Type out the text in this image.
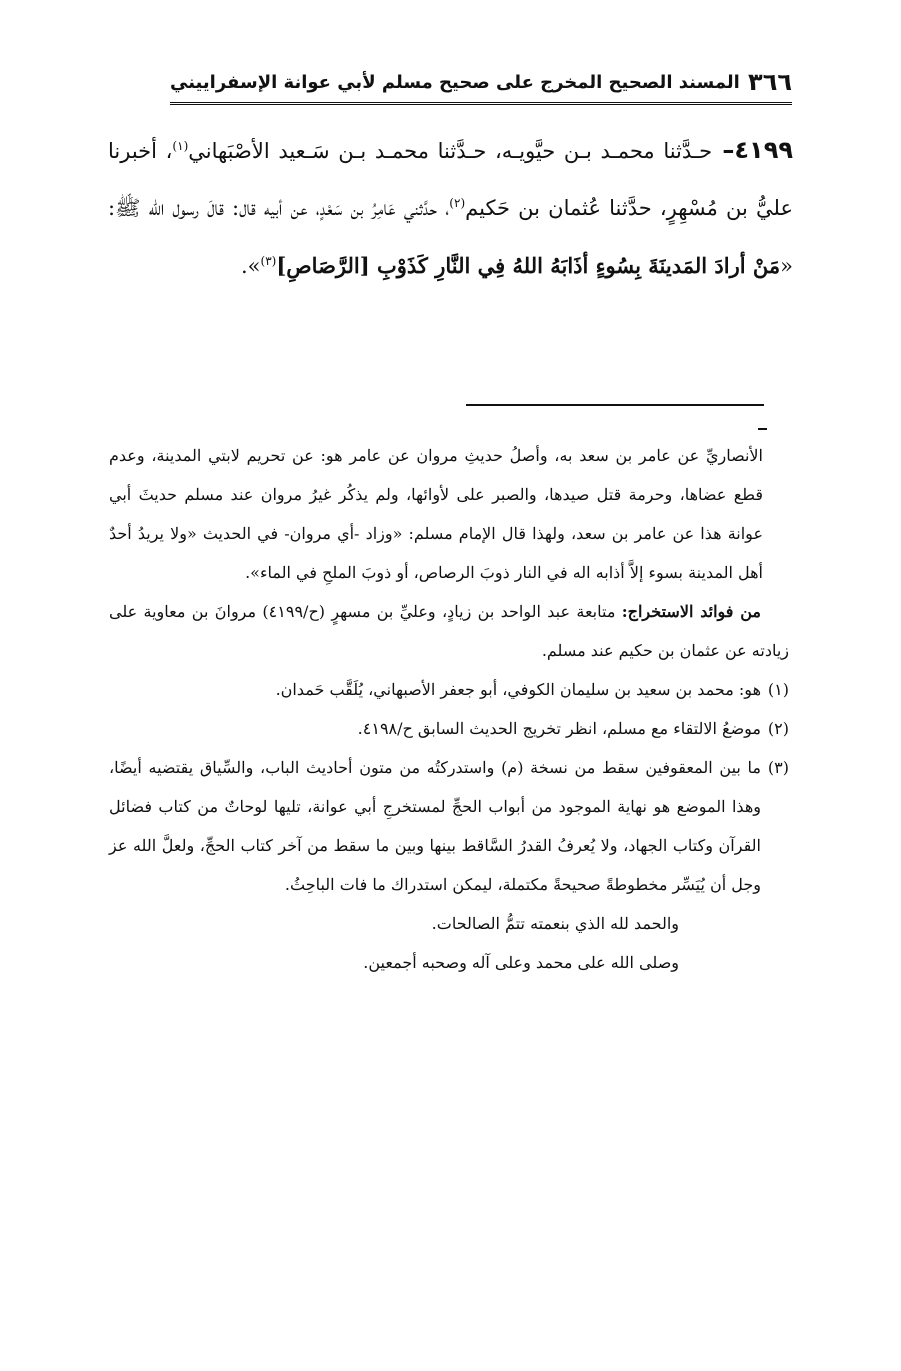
٣٦٦
المسند الصحيح المخرج على صحيح مسلم لأبي عوانة الإسفراييني
٤١٩٩– حـدَّثنا محمـد بـن حيَّويـه، حـدَّثنا محمـد بـن سَـعيد الأصْبَهاني$^{(١)}$، أخبرنا عليُّ بن مُسْهِرٍ، حدَّثنا عُثمان بن حَكيم$^{(٢)}$، حدَّثني عَامِرُ بن سَعْدٍ، عن أبيه قال: قالَ رسول الله ﷺ: «مَنْ أرادَ المَدينَةَ بِسُوءٍ أذَابَهُ اللهُ فِي النَّارِ كَذَوْبِ [الرَّصَاصِ]$^{(٣)}$».

الأنصاريِّ عن عامر بن سعد به، وأصلُ حديثِ مروان عن عامر هو: عن تحريم لابتي المدينة، وعدم قطع عضاها، وحرمة قتل صيدها، والصبر على لأوائها، ولم يذكُر غيرُ مروان عند مسلم حديثَ أبي عوانة هذا عن عامر بن سعد، ولهذا قال الإمام مسلم: «وزاد -أي مروان- في الحديث «ولا يريدُ أحدٌ أهل المدينة بسوء إلاَّ أذابه اله في النار ذوبَ الرصاص، أو ذوبَ الملحِ في الماء».

من فوائد الاستخراج: متابعة عبد الواحد بن زيادٍ، وعليِّ بن مسهرٍ (ح/٤١٩٩) مروانَ بن معاوية على زيادته عن عثمان بن حكيم عند مسلم.

(١)هو: محمد بن سعيد بن سليمان الكوفي، أبو جعفر الأصبهاني، يُلَقَّب حَمدان.

(٢)موضعُ الالتقاء مع مسلم، انظر تخريج الحديث السابق ح/٤١٩٨.

(٣)ما بين المعقوفين سقط من نسخة (م) واستدركتُه من متون أحاديث الباب، والسِّياق يقتضيه أيضًا، وهذا الموضع هو نهاية الموجود من أبواب الحجِّ لمستخرجِ أبي عوانة، تليها لوحاتٌ من كتاب فضائل القرآن وكتاب الجهاد، ولا يُعرفُ القدرُ السَّاقط بينها وبين ما سقط من آخر كتاب الحجِّ، ولعلَّ الله عز وجل أن يُيَسِّر مخطوطةً صحيحةً مكتملة، ليمكن استدراك ما فات الباحِثُ.

والحمد لله الذي بنعمته تتمُّ الصالحات.

وصلى الله على محمد وعلى آله وصحبه أجمعين.
